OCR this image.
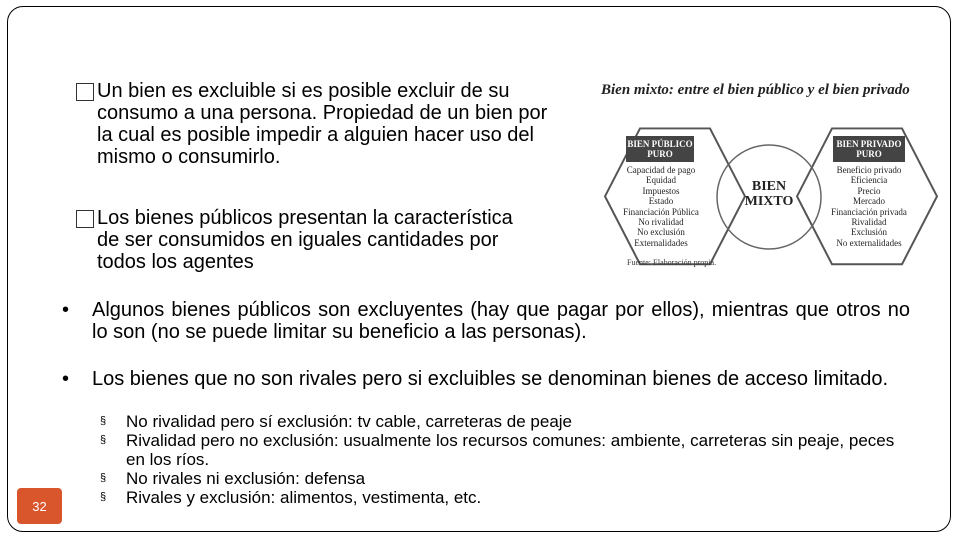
Un bien es excluible si es posible excluir de su consumo a una persona. Propiedad de un bien por la cual es posible impedir a alguien hacer uso del mismo o consumirlo.
Los bienes públicos presentan la característica de ser consumidos en iguales cantidades por todos los agentes
Bien mixto: entre el bien público y el bien privado
BIEN PÚBLICO PURO
Capacidad de pago
Equidad
Impuestos
Estado
Financiación Pública
No rivalidad
No exclusión
Externalidades
BIEN MIXTO
BIEN PRIVADO PURO
Beneficio privado
Eficiencia
Precio
Mercado
Financiación privada
Rivalidad
Exclusión
No externalidades
Fuente: Elaboración propia.
•	Algunos bienes públicos son excluyentes (hay que pagar por ellos), mientras que otros no lo son (no se puede limitar su beneficio a las personas).
•	Los bienes que no son rivales pero si excluibles se denominan bienes de acceso limitado.
§	No rivalidad pero sí exclusión: tv cable, carreteras de peaje
§	Rivalidad pero no exclusión: usualmente los recursos comunes: ambiente, carreteras sin peaje, peces en los ríos.
§	No rivales ni exclusión: defensa
§	Rivales y exclusión: alimentos, vestimenta, etc.
32
